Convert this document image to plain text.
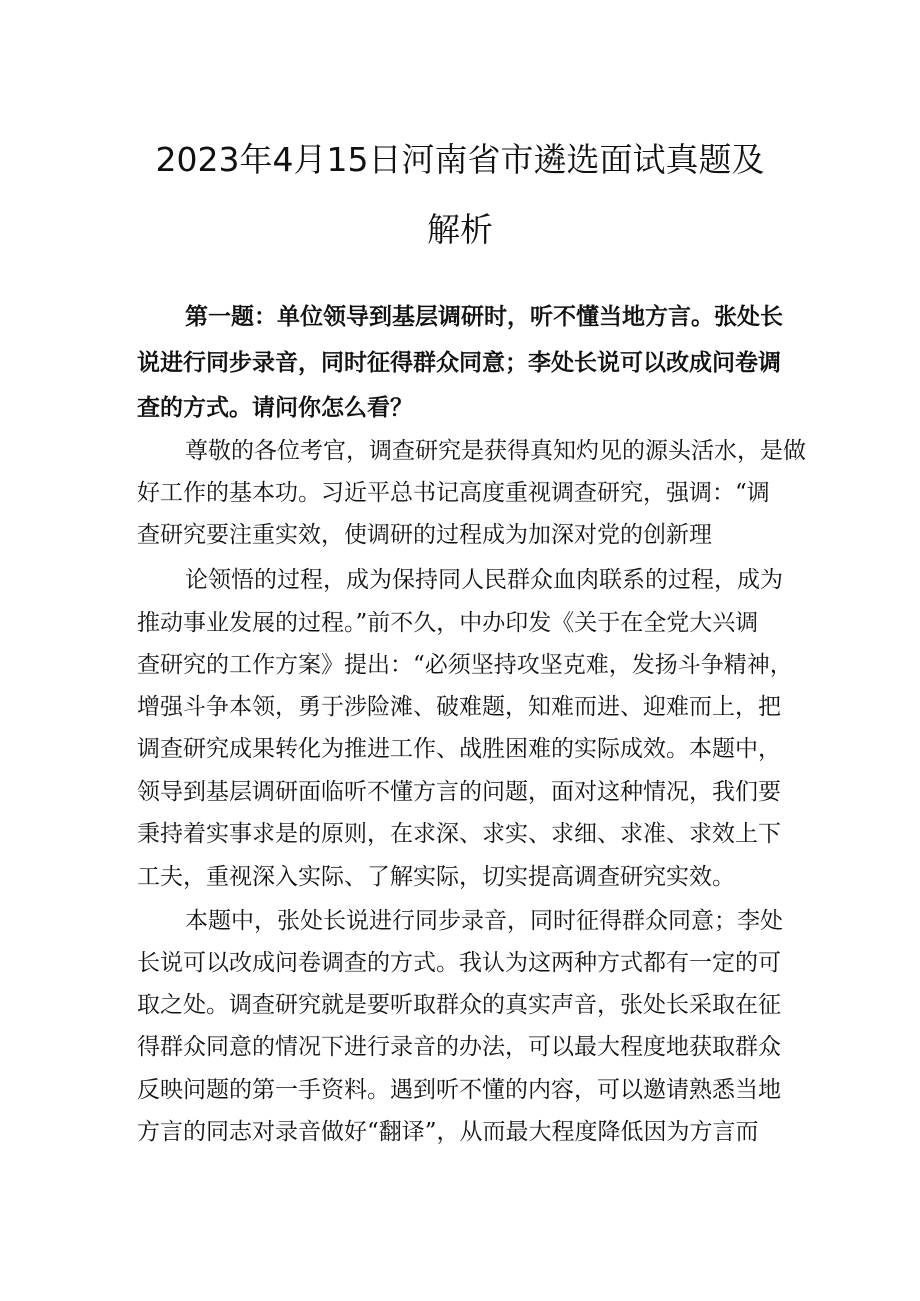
2023年4月15日河南省市遴选面试真题及
解析

第一题：单位领导到基层调研时，听不懂当地方言。张处长

说进行同步录音，同时征得群众同意；李处长说可以改成问卷调

查的方式。请问你怎么看？

尊敬的各位考官，调查研究是获得真知灼见的源头活水，是做

好工作的基本功。习近平总书记高度重视调查研究，强调：“调

查研究要注重实效，使调研的过程成为加深对党的创新理

论领悟的过程，成为保持同人民群众血肉联系的过程，成为

推动事业发展的过程。”前不久，中办印发《关于在全党大兴调

查研究的工作方案》提出：“必须坚持攻坚克难，发扬斗争精神，

增强斗争本领，勇于涉险滩、破难题，知难而进、迎难而上，把

调查研究成果转化为推进工作、战胜困难的实际成效。本题中，

领导到基层调研面临听不懂方言的问题，面对这种情况，我们要

秉持着实事求是的原则，在求深、求实、求细、求准、求效上下

工夫，重视深入实际、了解实际，切实提高调查研究实效。

本题中，张处长说进行同步录音，同时征得群众同意；李处

长说可以改成问卷调查的方式。我认为这两种方式都有一定的可

取之处。调查研究就是要听取群众的真实声音，张处长采取在征

得群众同意的情况下进行录音的办法，可以最大程度地获取群众

反映问题的第一手资料。遇到听不懂的内容，可以邀请熟悉当地

方言的同志对录音做好“翻译”，从而最大程度降低因为方言而
